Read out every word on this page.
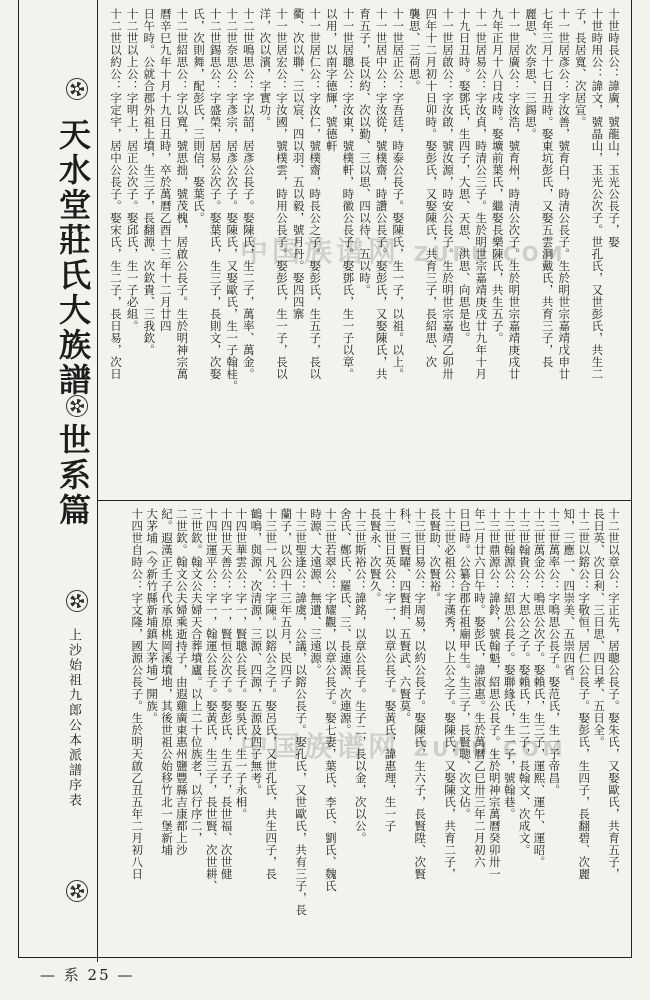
中国族谱网 ZUPU.COM
中国族谱网 ZUPU.COM
天水堂莊氏大族譜
世系篇
上沙始祖九郎公本派譜序表
十世時長公：諱廣，號龍山，玉光公長子，娶
十世時用公：諱文，號晶山，玉光公次子。世孔氏，又世彭氏，共生二
子，長居寬、次居宣。
十一世居彥公：字汝善，號育白，時清公長子。生於明世宗嘉靖戊申廿
七年三月十七日丑時。娶東坑彭氏，又娶五雲洞戴氏，共育三子，長
麗思、次奈思、三錫思。
十一世居廣公：字汝浩，號育州，時清公次子。生於明世宗嘉靖庚戌廿
九年正月十八日戌時。娶壙前葉氏，繼娶長樂陳氏，共生五子。
十一世居易公：字汝貞，時清公三子。生於明世宗嘉靖庚戌廿九年十月
十九日丑時。娶鄧氏，生四子，大思、天思、洪思、向思是也。
十一世居啟公：字汝啟，號汝源，時安公長子。生於明世宗嘉靖乙卯卅
四年十二月初十日卯時。娶彭氏，又娶陳氏，共育三子，長紹思、次
襲思、三荷思。
十一世居正公：字吾廷，時泰公長子。娶陳氏，生一子，以祖。以上。
十一世居中公：字汝從，號樸齋，時讚公長子。娶彭氏，又娶陳氏，共
育五子，長以約、次以勤、三以思、四以待、五以時。
十一世居聰公：字汝東，號樸軒，時徽公長子。娶鄧氏，生一子以章。
以用，以南字德輝，號德軒
十一世居仁公：字汝仁，號樸齋，時長公之子。娶彭氏，生五子，長以
衢、次以聯、三以宸、四以羽、五以毅，號月丹。娶四四寨
十一世居宏公：字汝國，號樸雲，時用公長子。娶彭氏，生一子，長以
洋，次以濱，字實功。
十二世鳴思公：字以韶，居彥公長子。娶陳氏，生二子，萬率、萬金。
十二世奈思公：字彥宗，居彥公次子。娶陳氏，又娶歐氏，生一子翰桂。
十二世錫思公：字盛榮，居易公次子。娶葉氏，生三子，長則文，次娶
氏，次則舞，配彭氏，三則信，娶葉氏。
十二世紹思公：字以寬，號思拙，號茂槐，居啟公長子。生於明神宗萬
曆辛巳九年十月十九日丑時，卒於萬曆乙酉十三年十二月廿四
日午時。公就合郡外祖上墳，生三子，長翻源、次欽貴、三我欽。
十二世以上公：字明上，居正公次子。娶邱氏，生一子必組。
十二世以約公：字定宇，居中公長子。娶宋氏，生二子，長日易，次日
十二世以章公：字正先，居聰公長子。娶朱氏，又娶歐氏，共育五子，
長日英、次日利、三日思、四日孝、五日全。
十二世以鎔公：字敬恒，居仁公長子。娶彭氏，生四子，長翻碧、次麗
知，三應一、四崇美、五崇四省。
十三世萬率公：字鳴思公長子。娶范氏，生一子帝昌。
十三世萬金公：鳴思公次子。娶賴氏，生三子，運熙、運午、運昭。
十三世翰貴公：大思公之子。娶賴氏，生二子，長翰文、次成文。
十三世翰源公：紹思公長子。娶聯緣氏，生一子，號翰巷。
十三世鼎源公：諱鈴，號翰魁，紹思公長子。生於明神宗萬曆癸卯卅一
年二月廿六日午時。娶彭氏，諱淑惠。生於萬曆乙巳卅三年二月初六
日巳時。公纂合郡在祖廟甲生。生三子，長賢聰、次文佔。
十三世必祖公：字漢秀，以上公之子。娶陳氏，又娶陳氏，共育二子，
長賢助、次賢裕。
十三世日易公：字周易，以約公長子。娶陳氏，生六子，長賢陞、次賢
科、三賢曜、四賢捐、五賢武、六賢莫。
十三世日英公：字一，以章公長子。娶黃氏，諱惠理，生一子
長賢永、次賢久。
十三世斯裕公：諱銘，以章公長子。生子二，長以金，次以公。
舍氏、鄭氏、羅氏、三、長連源、次連源。
十三世若翠公：字耀觀，以章公長子。娶七妻，葉氏、李氏、劉氏、魏氏
時源、大遠源、無遺、三遠源。
十三世聖逢公：諱虞，公議，以鎔公長子。娶孔氏，又世歐氏，共有三子，長
蘭子，以公四十三年五月，民四子
十三世一凡公：字陳。以鎔公之子。娶呂氏，又世孔氏，共生四子，長
鶴鳴，與源、次清源，三源、四源，五源及四子無考。
十四世華雲公：字一，賢聰公長子。娶吳氏，生一子永相。
十四世天善公：字一，賢恒公次子。娶彭氏，生五子，長世福、次世健
十四世運平公：字一，翰運公長子。娶黃氏，生三子，長世賢、次世耕、
三世欽。翰文公夫婦天合葬墳廬。以上二十位族老，以行序二，
二世欽。翰文公夫婦乘逝持子，由遐雞廣東惠州鹽豐縣吉康都上沙
紀。遐漢正壬子代承原桃岡溪墳地，其後世祖公始移竹北一堡新埔
大茅埔（今新竹縣新埔鎮大茅埔）開族。
十四世自時公：字文隆，國源公長子。生於明天啟乙丑五年二月初八日
— 系 25 —
